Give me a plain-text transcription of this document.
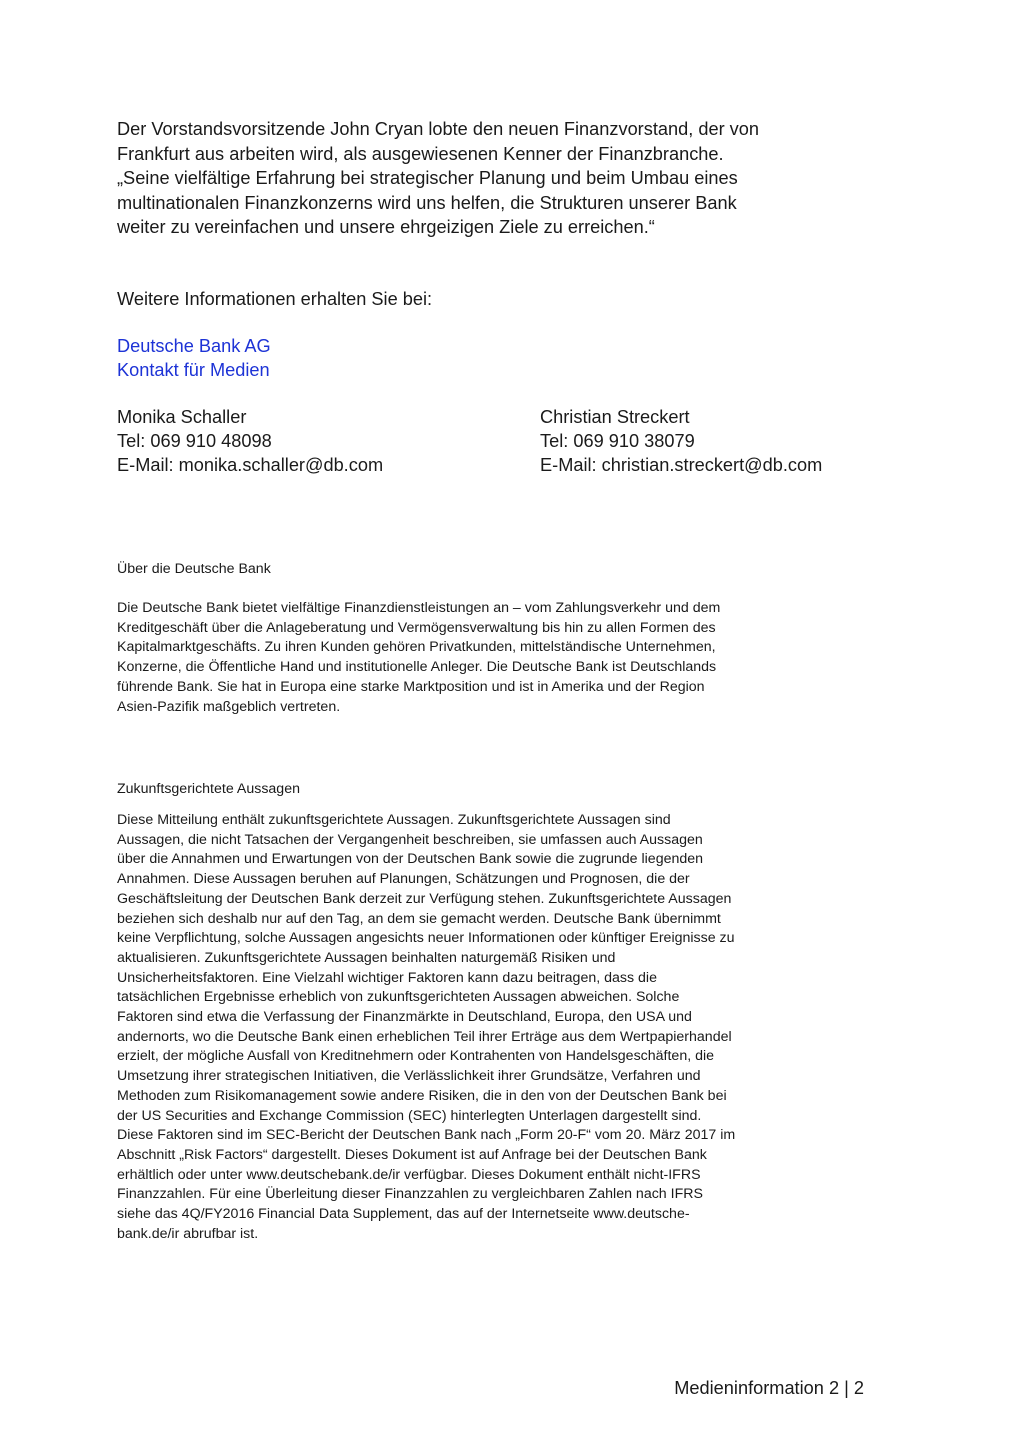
Der Vorstandsvorsitzende John Cryan lobte den neuen Finanzvorstand, der von
Frankfurt aus arbeiten wird, als ausgewiesenen Kenner der Finanzbranche.
„Seine vielfältige Erfahrung bei strategischer Planung und beim Umbau eines
multinationalen Finanzkonzerns wird uns helfen, die Strukturen unserer Bank
weiter zu vereinfachen und unsere ehrgeizigen Ziele zu erreichen.“

Weitere Informationen erhalten Sie bei:

Deutsche Bank AG
Kontakt für Medien
Monika Schaller
Tel: 069 910 48098
E-Mail: monika.schaller@db.com
Christian Streckert
Tel: 069 910 38079
E-Mail: christian.streckert@db.com
Über die Deutsche Bank
Die Deutsche Bank bietet vielfältige Finanzdienstleistungen an – vom Zahlungsverkehr und dem
Kreditgeschäft über die Anlageberatung und Vermögensverwaltung bis hin zu allen Formen des
Kapitalmarktgeschäfts. Zu ihren Kunden gehören Privatkunden, mittelständische Unternehmen,
Konzerne, die Öffentliche Hand und institutionelle Anleger. Die Deutsche Bank ist Deutschlands
führende Bank. Sie hat in Europa eine starke Marktposition und ist in Amerika und der Region
Asien-Pazifik maßgeblich vertreten.
Zukunftsgerichtete Aussagen
Diese Mitteilung enthält zukunftsgerichtete Aussagen. Zukunftsgerichtete Aussagen sind
Aussagen, die nicht Tatsachen der Vergangenheit beschreiben, sie umfassen auch Aussagen
über die Annahmen und Erwartungen von der Deutschen Bank sowie die zugrunde liegenden
Annahmen. Diese Aussagen beruhen auf Planungen, Schätzungen und Prognosen, die der
Geschäftsleitung der Deutschen Bank derzeit zur Verfügung stehen. Zukunftsgerichtete Aussagen
beziehen sich deshalb nur auf den Tag, an dem sie gemacht werden. Deutsche Bank übernimmt
keine Verpflichtung, solche Aussagen angesichts neuer Informationen oder künftiger Ereignisse zu
aktualisieren. Zukunftsgerichtete Aussagen beinhalten naturgemäß Risiken und
Unsicherheitsfaktoren. Eine Vielzahl wichtiger Faktoren kann dazu beitragen, dass die
tatsächlichen Ergebnisse erheblich von zukunftsgerichteten Aussagen abweichen. Solche
Faktoren sind etwa die Verfassung der Finanzmärkte in Deutschland, Europa, den USA und
andernorts, wo die Deutsche Bank einen erheblichen Teil ihrer Erträge aus dem Wertpapierhandel
erzielt, der mögliche Ausfall von Kreditnehmern oder Kontrahenten von Handelsgeschäften, die
Umsetzung ihrer strategischen Initiativen, die Verlässlichkeit ihrer Grundsätze, Verfahren und
Methoden zum Risikomanagement sowie andere Risiken, die in den von der Deutschen Bank bei
der US Securities and Exchange Commission (SEC) hinterlegten Unterlagen dargestellt sind.
Diese Faktoren sind im SEC-Bericht der Deutschen Bank nach „Form 20-F“ vom 20. März 2017 im
Abschnitt „Risk Factors“ dargestellt. Dieses Dokument ist auf Anfrage bei der Deutschen Bank
erhältlich oder unter www.deutschebank.de/ir verfügbar. Dieses Dokument enthält nicht-IFRS
Finanzzahlen. Für eine Überleitung dieser Finanzzahlen zu vergleichbaren Zahlen nach IFRS
siehe das 4Q/FY2016 Financial Data Supplement, das auf der Internetseite www.deutsche-
bank.de/ir abrufbar ist.
Medieninformation 2 | 2
